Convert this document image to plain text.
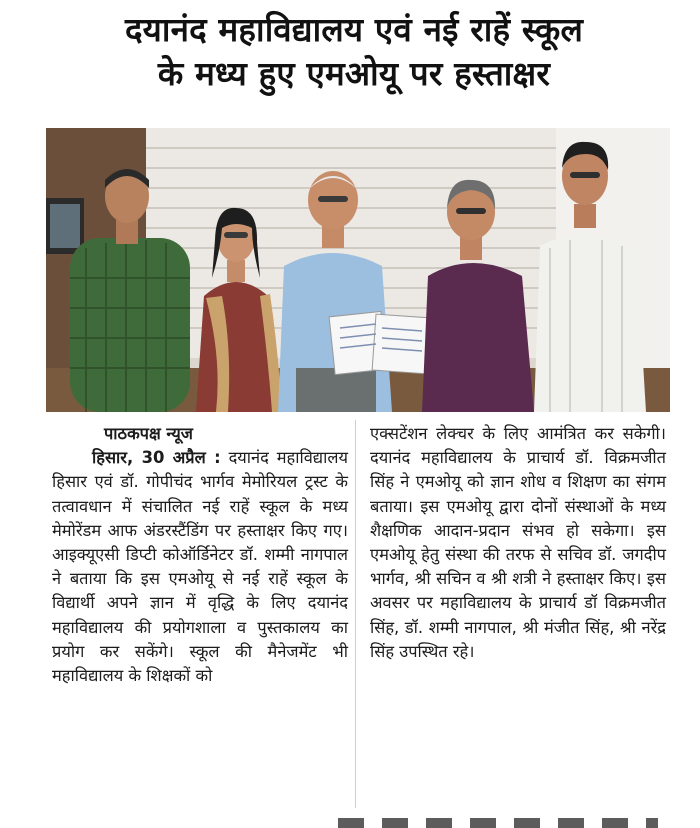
दयानंद महाविद्यालय एवं नई राहें स्कूल
के मध्य हुए एमओयू पर हस्ताक्षर
पाठकपक्ष न्यूज

हिसार, 30 अप्रैल : दयानंद महाविद्यालय हिसार एवं डॉ. गोपीचंद भार्गव मेमोरियल ट्रस्ट के तत्वावधान में संचालित नई राहें स्कूल के मध्य मेमोरेंडम आफ अंडरस्टैंडिंग पर हस्ताक्षर किए गए। आइक्यूएसी डिप्टी कोऑर्डिनेटर डॉ. शम्मी नागपाल ने बताया कि इस एमओयू से नई राहें स्कूल के विद्यार्थी अपने ज्ञान में वृद्धि के लिए दयानंद महाविद्यालय की प्रयोगशाला व पुस्तकालय का प्रयोग कर सकेंगे। स्कूल की मैनेजमेंट भी महाविद्यालय के शिक्षकों को

एक्सटेंशन लेक्चर के लिए आमंत्रित कर सकेगी। दयानंद महाविद्यालय के प्राचार्य डॉ. विक्रमजीत सिंह ने एमओयू को ज्ञान शोध व शिक्षण का संगम बताया। इस एमओयू द्वारा दोनों संस्थाओं के मध्य शैक्षणिक आदान-प्रदान संभव हो सकेगा। इस एमओयू हेतु संस्था की तरफ से सचिव डॉ. जगदीप भार्गव, श्री सचिन व श्री शत्री ने हस्ताक्षर किए। इस अवसर पर महाविद्यालय के प्राचार्य डॉ विक्रमजीत सिंह, डॉ. शम्मी नागपाल, श्री मंजीत सिंह, श्री नरेंद्र सिंह उपस्थित रहे।
